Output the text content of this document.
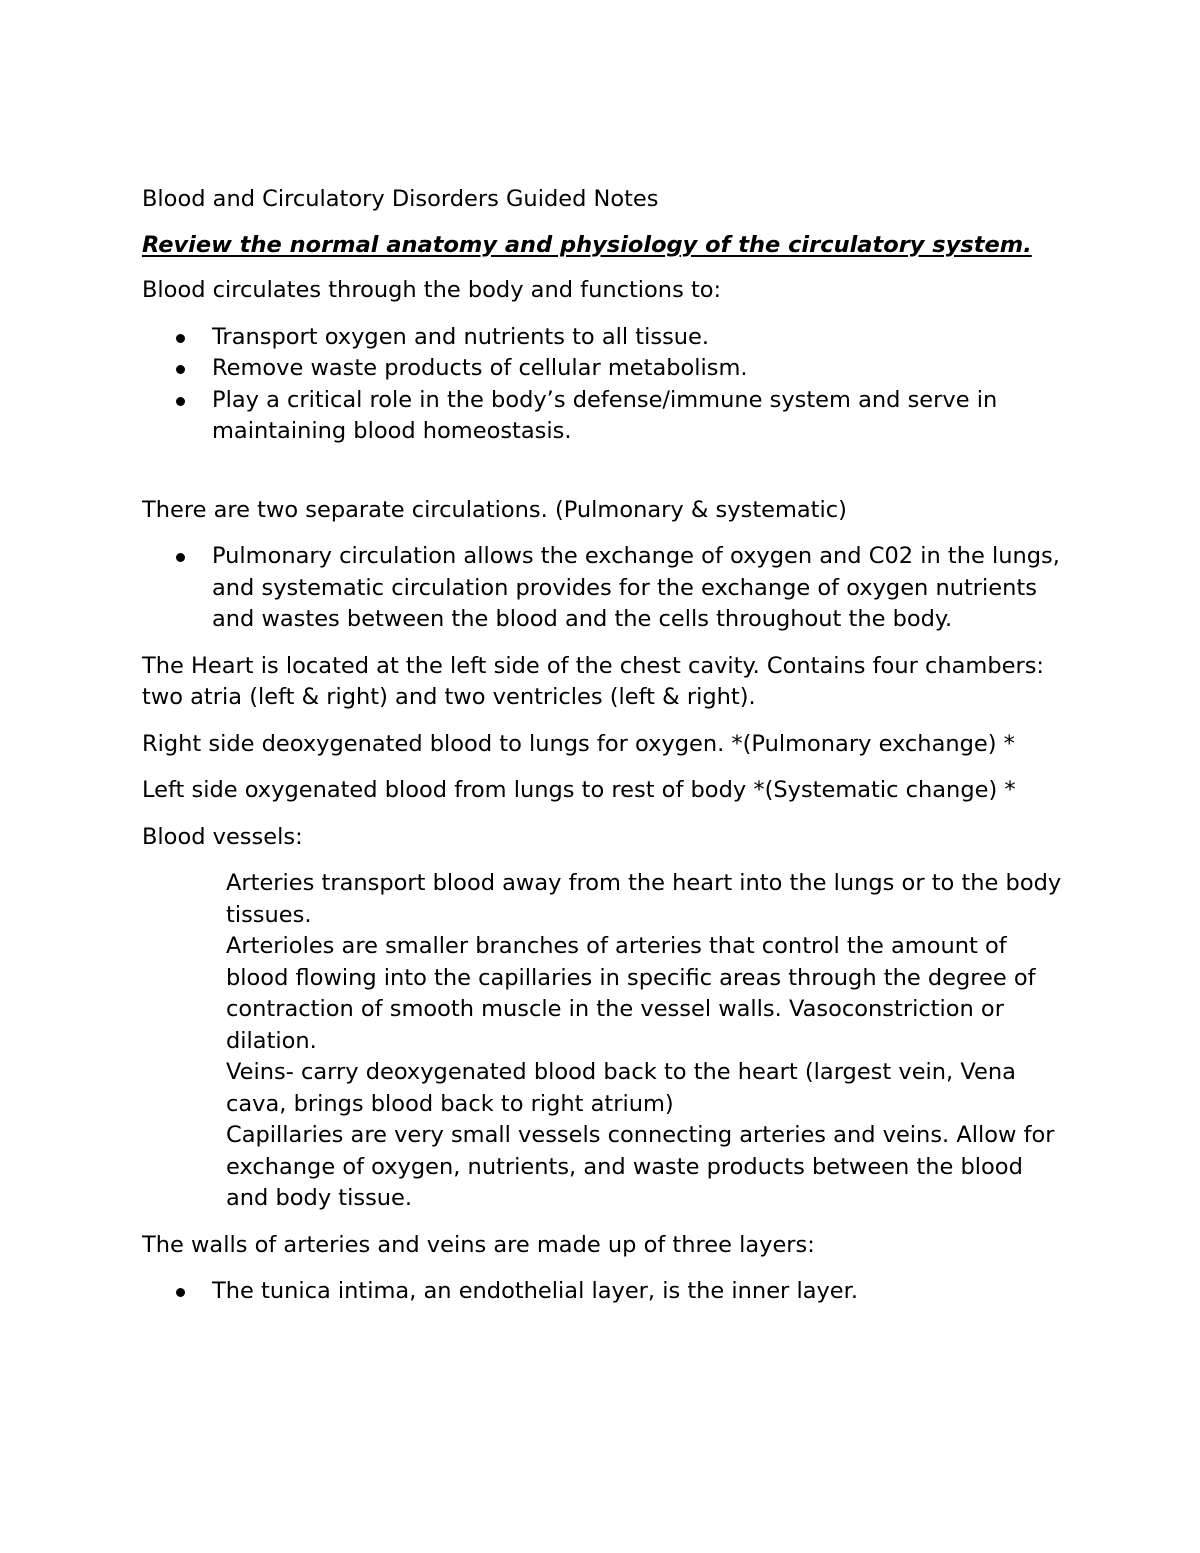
Blood and Circulatory Disorders Guided Notes
Review the normal anatomy and physiology of the circulatory system.

Blood circulates through the body and functions to:

Transport oxygen and nutrients to all tissue.
Remove waste products of cellular metabolism.
Play a critical role in the body’s defense/immune system and serve in maintaining blood homeostasis.

There are two separate circulations. (Pulmonary & systematic)

Pulmonary circulation allows the exchange of oxygen and C02 in the lungs, and systematic circulation provides for the exchange of oxygen nutrients and wastes between the blood and the cells throughout the body.

The Heart is located at the left side of the chest cavity. Contains four chambers: two atria (left & right) and two ventricles (left & right).

Right side deoxygenated blood to lungs for oxygen. *(Pulmonary exchange) *

Left side oxygenated blood from lungs to rest of body *(Systematic change) *

Blood vessels:

Arteries transport blood away from the heart into the lungs or to the body tissues.
Arterioles are smaller branches of arteries that control the amount of blood flowing into the capillaries in specific areas through the degree of contraction of smooth muscle in the vessel walls. Vasoconstriction or dilation.
Veins- carry deoxygenated blood back to the heart (largest vein, Vena cava, brings blood back to right atrium)
Capillaries are very small vessels connecting arteries and veins. Allow for exchange of oxygen, nutrients, and waste products between the blood and body tissue.

The walls of arteries and veins are made up of three layers:

The tunica intima, an endothelial layer, is the inner layer.
